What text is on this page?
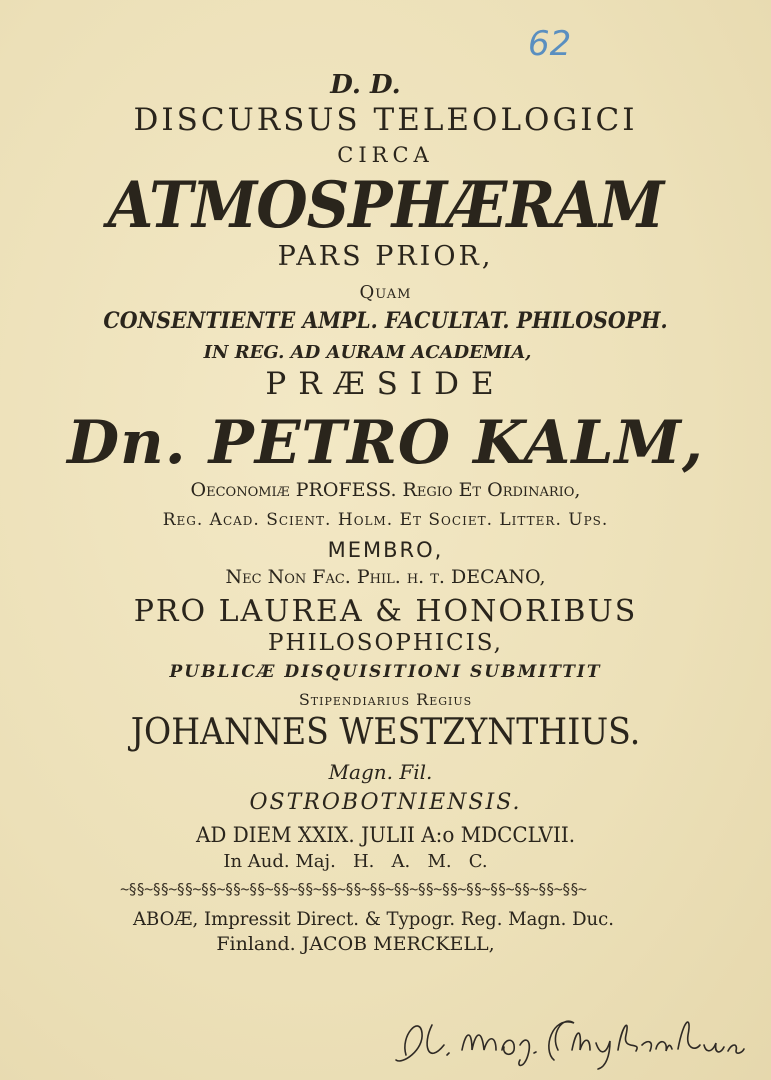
62
D. D.
DISCURSUS TELEOLOGICI
CIRCA
ATMOSPHÆRAM
PARS PRIOR,
Quam
CONSENTIENTE AMPL. FACULTAT. PHILOSOPH.
IN REG. AD AURAM ACADEMIA,
PRÆSIDE
Dn. PETRO KALM,
Oeconomiæ PROFESS. Regio Et Ordinario,
Reg. Acad. Scient. Holm. Et Societ. Litter. Ups.
MEMBRO,
Nec Non Fac. Phil. h. t. DECANO,
PRO LAUREA & HONORIBUS
PHILOSOPHICIS,
PUBLICÆ DISQUISITIONI SUBMITTIT
Stipendiarius Regius
JOHANNES WESTZYNTHIUS.
Magn. Fil.
OSTROBOTNIENSIS.
AD DIEM XXIX. JULII A:o MDCCLVII.
In Aud. Maj.   H.   A.   M.   C.
~§§~§§~§§~§§~§§~§§~§§~§§~§§~§§~§§~§§~§§~§§~§§~§§~§§~§§~§§~
ABOÆ, Impressit Direct. & Typogr. Reg. Magn. Duc.
Finland. JACOB MERCKELL,
